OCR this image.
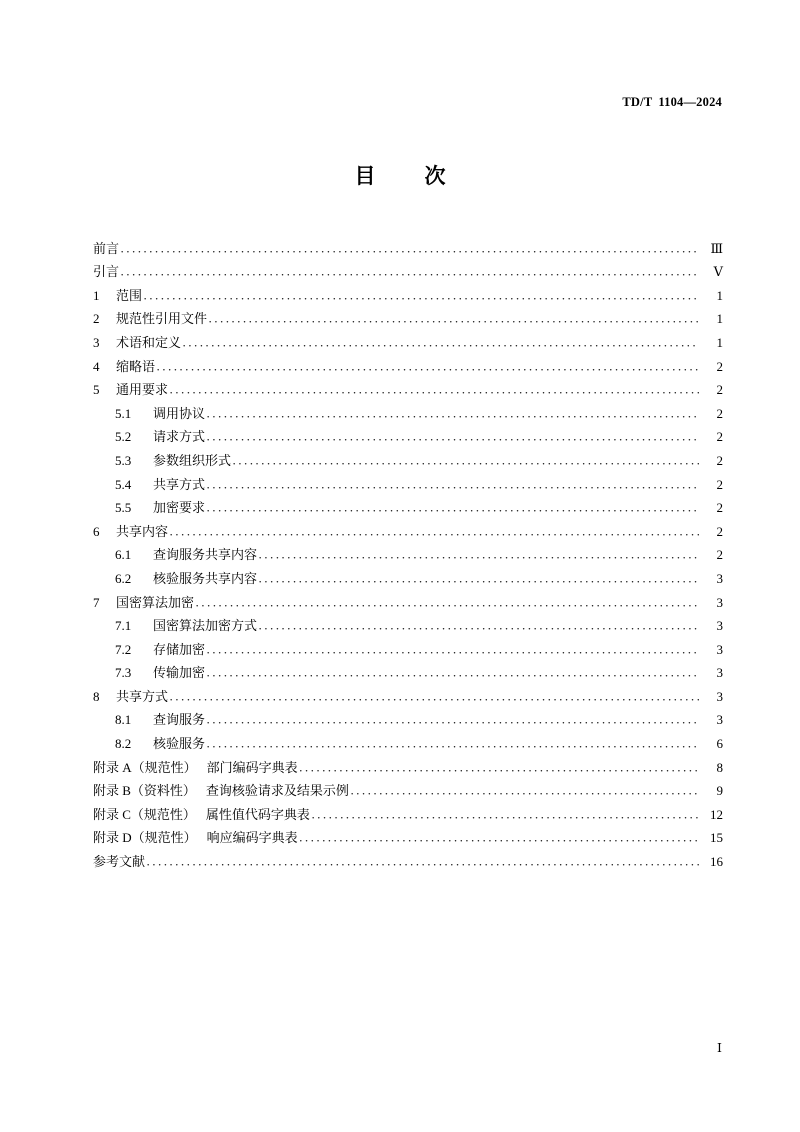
TD/T 1104—2024
目　次
前言 ·····	Ⅲ
引言 ·····	Ⅴ
1	范围 ·····	1
2	规范性引用文件 ·····	1
3	术语和定义 ·····	1
4	缩略语 ·····	2
5	通用要求 ·····	2
5.1	调用协议 ·····	2
5.2	请求方式 ·····	2
5.3	参数组织形式 ·····	2
5.4	共享方式 ·····	2
5.5	加密要求 ·····	2
6	共享内容 ·····	2
6.1	查询服务共享内容 ·····	2
6.2	核验服务共享内容 ·····	3
7	国密算法加密 ·····	3
7.1	国密算法加密方式 ·····	3
7.2	存储加密 ·····	3
7.3	传输加密 ·····	3
8	共享方式 ·····	3
8.1	查询服务 ·····	3
8.2	核验服务 ·····	6
附录 A（规范性） 部门编码字典表 ·····	8
附录 B（资料性） 查询核验请求及结果示例 ·····	9
附录 C（规范性） 属性值代码字典表 ·····	12
附录 D（规范性） 响应编码字典表 ·····	15
参考文献 ·····	16
Ⅰ
